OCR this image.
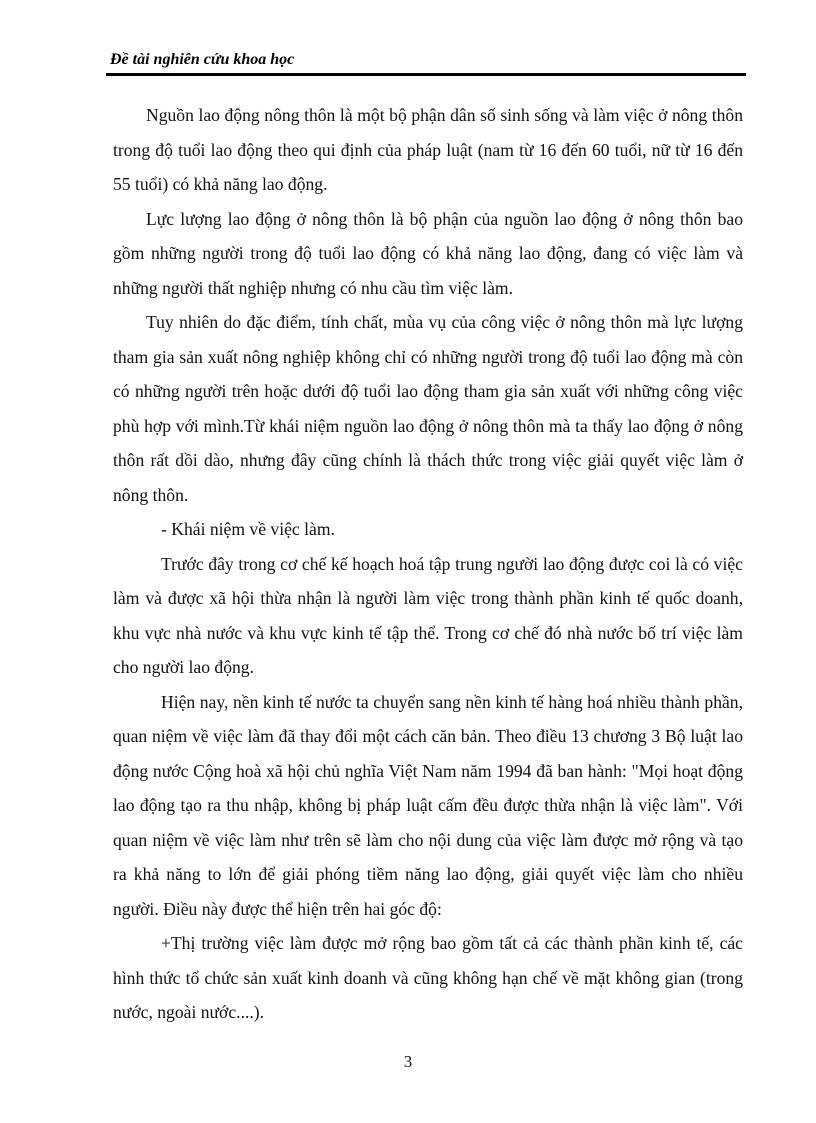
Đề tài nghiên cứu khoa học

Nguồn lao động nông thôn là một bộ phận dân số sinh sống và làm việc ở nông thôn trong độ tuổi lao động theo qui định của pháp luật (nam từ 16 đến 60 tuổi, nữ từ 16 đến 55 tuổi) có khả năng lao động.

Lực lượng lao động ở nông thôn là bộ phận của nguồn lao động ở nông thôn bao gồm những người trong độ tuổi lao động có khả năng lao động, đang có việc làm và những người thất nghiệp nhưng có nhu cầu tìm việc làm.

Tuy nhiên do đặc điểm, tính chất, mùa vụ của công việc ở nông thôn mà lực lượng tham gia sản xuất nông nghiệp không chỉ có những người trong độ tuổi lao động mà còn có những người trên hoặc dưới độ tuổi lao động tham gia sản xuất với những công việc phù hợp với mình.Từ khái niệm nguồn lao động ở nông thôn mà ta thấy lao động ở nông thôn rất dồi dào, nhưng đây cũng chính là thách thức trong việc giải quyết việc làm ở nông thôn.

- Khái niệm về việc làm.

Trước đây trong cơ chế kế hoạch hoá tập trung người lao động được coi là có việc làm và được xã hội thừa nhận là người làm việc trong thành phần kinh tế quốc doanh, khu vực nhà nước và khu vực kinh tế tập thể. Trong cơ chế đó nhà nước bố trí việc làm cho người lao động.

Hiện nay, nền kinh tế nước ta chuyển sang nền kinh tế hàng hoá nhiều thành phần, quan niệm về việc làm đã thay đổi một cách căn bản. Theo điều 13 chương 3 Bộ luật lao động nước Cộng hoà xã hội chủ nghĩa Việt Nam năm 1994 đã ban hành: "Mọi hoạt động lao động tạo ra thu nhập, không bị pháp luật cấm đều được thừa nhận là việc làm". Với quan niệm về việc làm như trên sẽ làm cho nội dung của việc làm được mở rộng và tạo ra khả năng to lớn để giải phóng tiềm năng lao động, giải quyết việc làm cho nhiều người. Điều này được thể hiện trên hai góc độ:

+Thị trường việc làm được mở rộng bao gồm tất cả các thành phần kinh tế, các hình thức tổ chức sản xuất kinh doanh và cũng không hạn chế về mặt không gian (trong nước, ngoài nước....).

3
